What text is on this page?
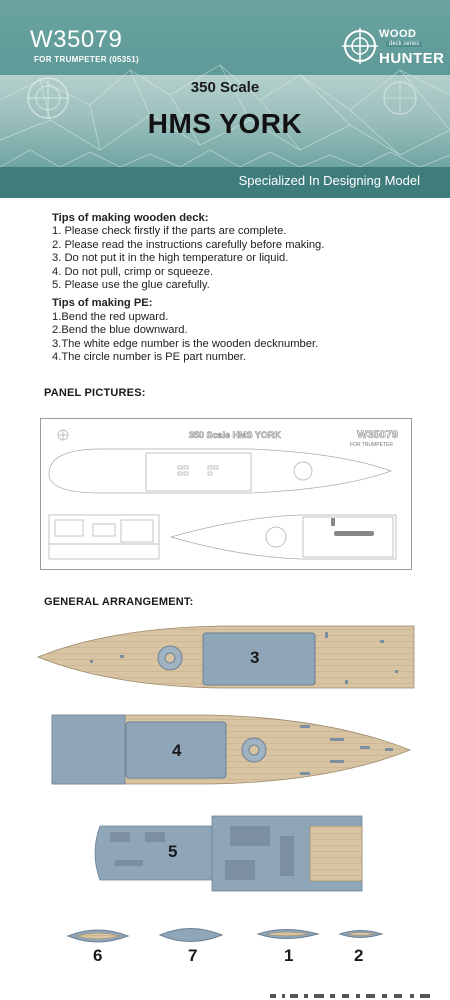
W35079
FOR TRUMPETER (05351)
WOOD
deck series
HUNTER
350 Scale
HMS YORK
Specialized In Designing Model
Tips of making wooden deck:
1. Please check firstly if the parts are complete.
2. Please read the instructions carefully before making.
3. Do not put it in the high temperature or liquid.
4. Do not pull, crimp or squeeze.
5. Please use the glue carefully.
Tips of making PE:
1.Bend the red upward.
2.Bend the blue downward.
3.The white edge number is the wooden decknumber.
4.The circle number is PE part number.
PANEL PICTURES:
350 Scale HMS YORK	W35079
FOR TRUMPETER
GENERAL ARRANGEMENT:
3
4
5
6	7	1	2
